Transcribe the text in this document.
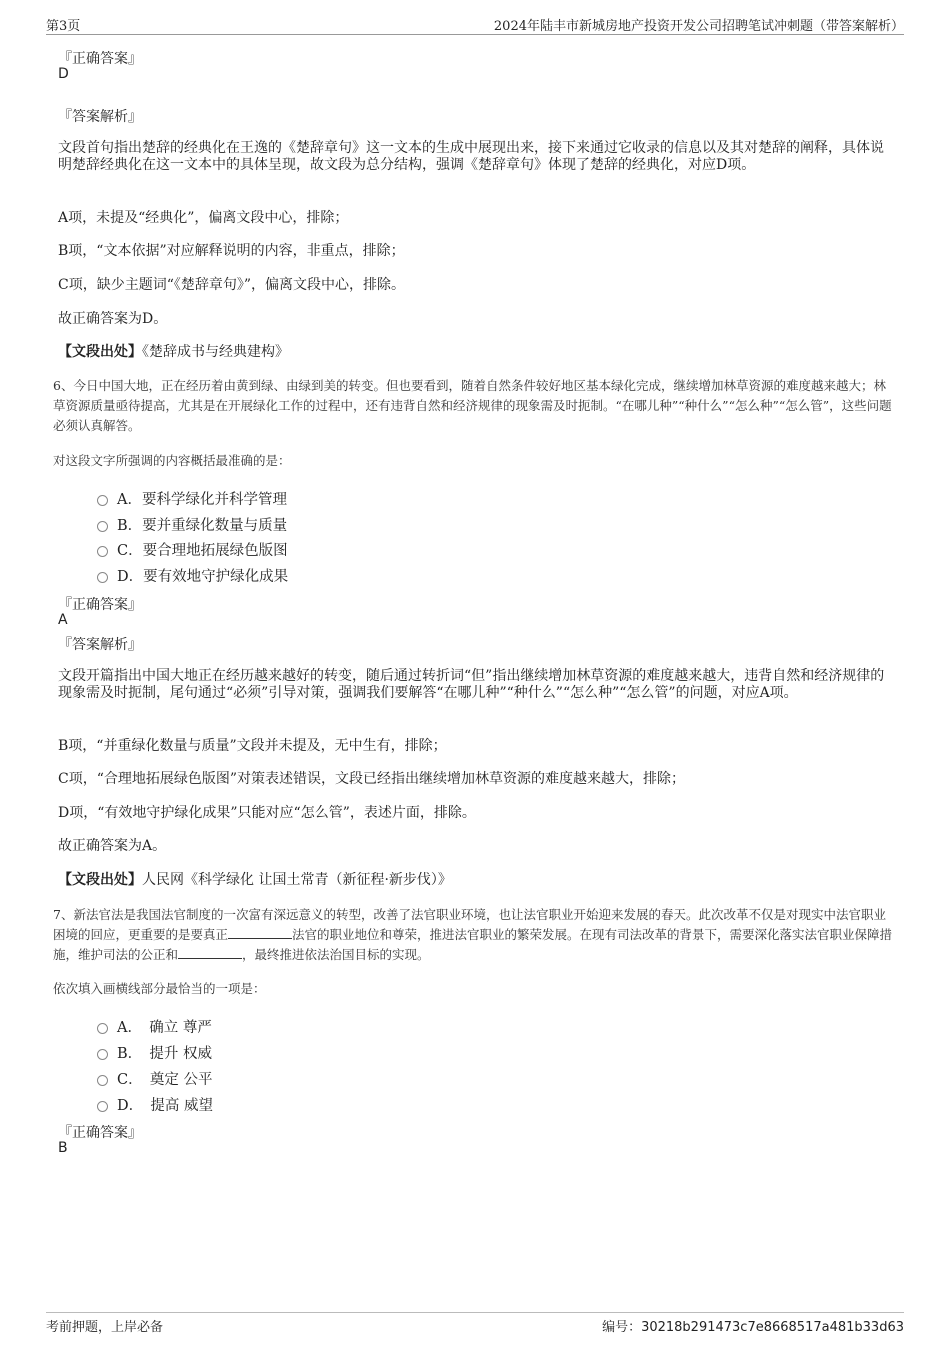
第3页	2024年陆丰市新城房地产投资开发公司招聘笔试冲刺题（带答案解析）
『正确答案』
D
『答案解析』
文段首句指出楚辞的经典化在王逸的《楚辞章句》这一文本的生成中展现出来，接下来通过它收录的信息以及其对楚辞的阐释，具体说明楚辞经典化在这一文本中的具体呈现，故文段为总分结构，强调《楚辞章句》体现了楚辞的经典化，对应D项。
A项，未提及“经典化”，偏离文段中心，排除；
B项，“文本依据”对应解释说明的内容，非重点，排除；
C项，缺少主题词“《楚辞章句》”，偏离文段中心，排除。
故正确答案为D。
【文段出处】《楚辞成书与经典建构》
6、今日中国大地，正在经历着由黄到绿、由绿到美的转变。但也要看到，随着自然条件较好地区基本绿化完成，继续增加林草资源的难度越来越大；林草资源质量亟待提高，尤其是在开展绿化工作的过程中，还有违背自然和经济规律的现象需及时扼制。“在哪儿种”“种什么”“怎么种”“怎么管”，这些问题必须认真解答。
对这段文字所强调的内容概括最准确的是：
A．要科学绿化并科学管理
B．要并重绿化数量与质量
C．要合理地拓展绿色版图
D．要有效地守护绿化成果
『正确答案』
A
『答案解析』
文段开篇指出中国大地正在经历越来越好的转变，随后通过转折词“但”指出继续增加林草资源的难度越来越大，违背自然和经济规律的现象需及时扼制，尾句通过“必须”引导对策，强调我们要解答“在哪儿种”“种什么”“怎么种”“怎么管”的问题，对应A项。
B项，“并重绿化数量与质量”文段并未提及，无中生有，排除；
C项，“合理地拓展绿色版图”对策表述错误，文段已经指出继续增加林草资源的难度越来越大，排除；
D项，“有效地守护绿化成果”只能对应“怎么管”，表述片面，排除。
故正确答案为A。
【文段出处】人民网《科学绿化 让国土常青（新征程·新步伐）》
7、新法官法是我国法官制度的一次富有深远意义的转型，改善了法官职业环境，也让法官职业开始迎来发展的春天。此次改革不仅是对现实中法官职业困境的回应，更重要的是要真正	法官的职业地位和尊荣，推进法官职业的繁荣发展。在现有司法改革的背景下，需要深化落实法官职业保障措施，维护司法的公正和	，最终推进依法治国目标的实现。
依次填入画横线部分最恰当的一项是：
A．　确立 尊严
B．　提升 权威
C．　奠定 公平
D．　提高 威望
『正确答案』
B
考前押题，上岸必备	编号：30218b291473c7e8668517a481b33d63
